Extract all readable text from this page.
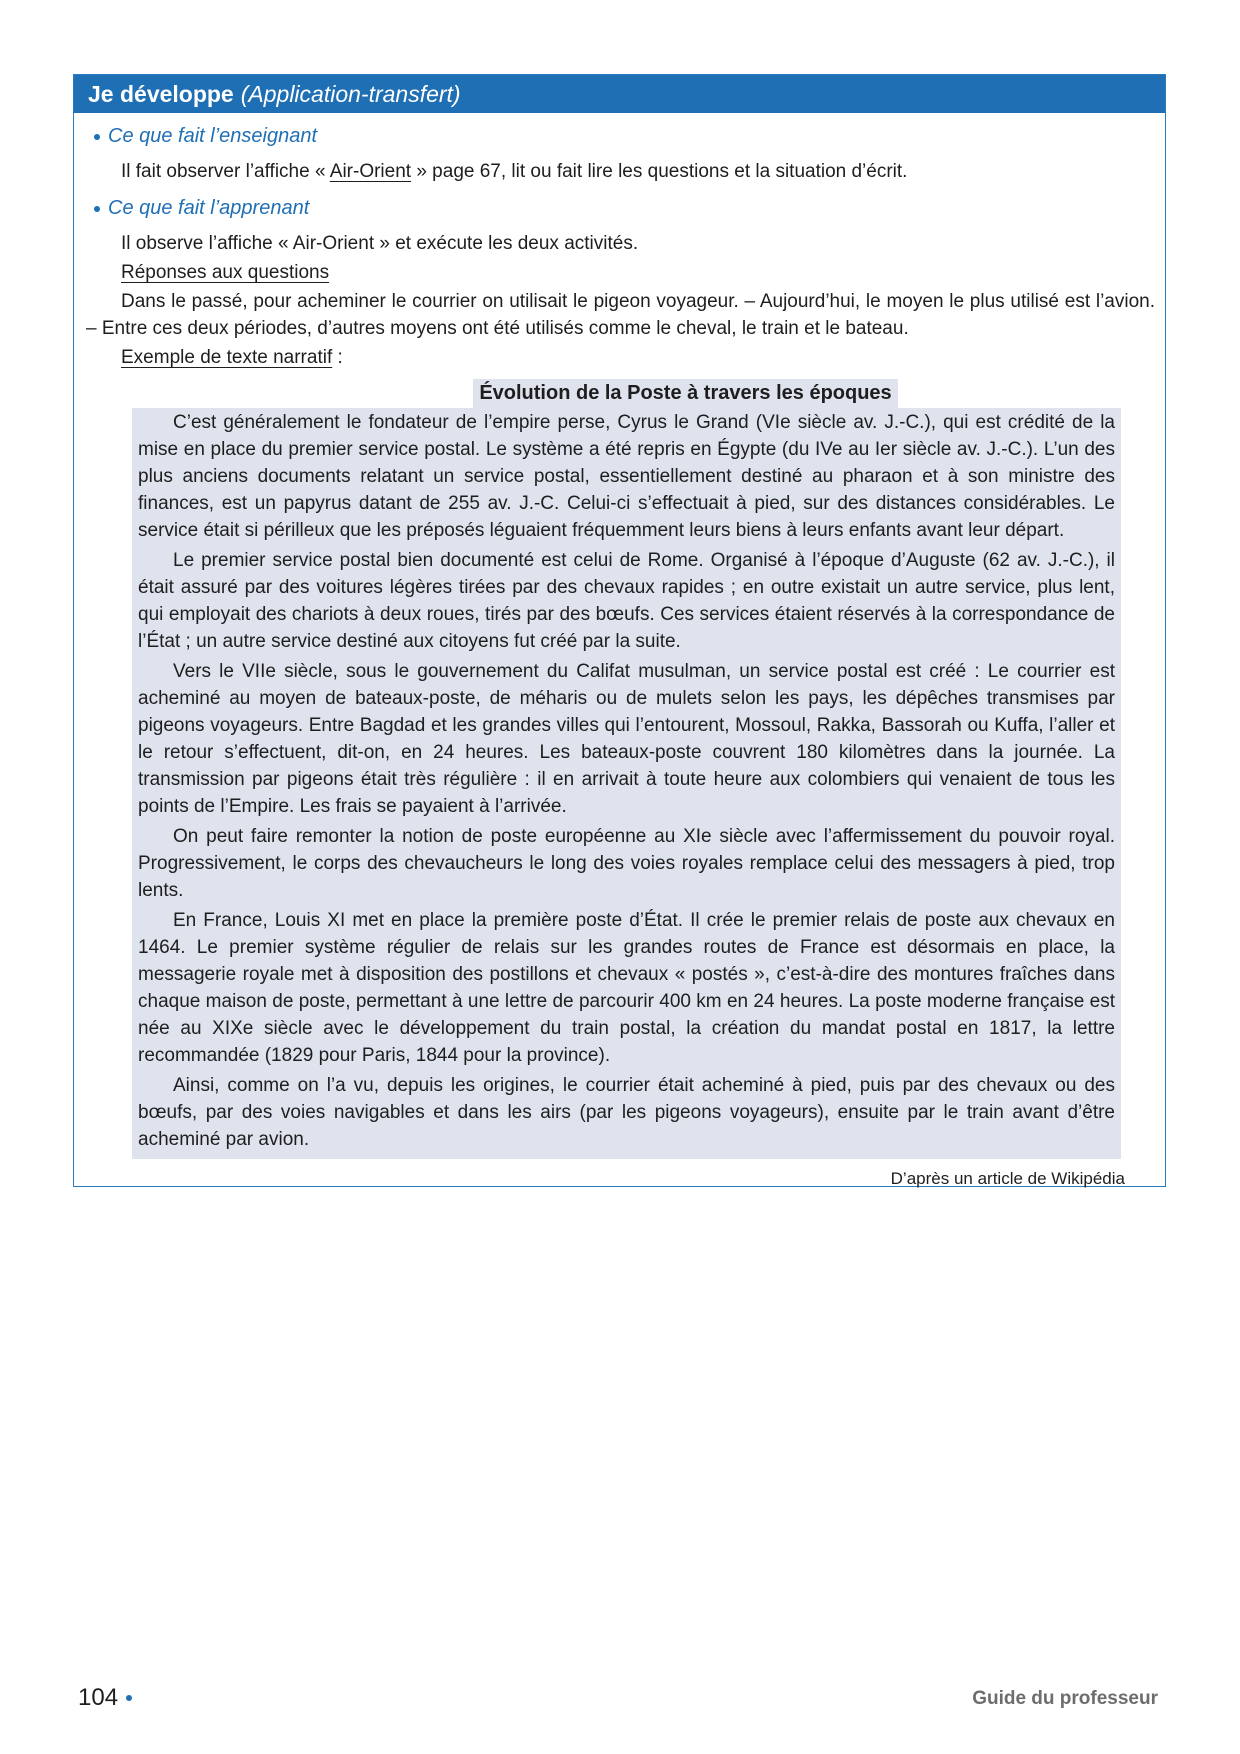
Je développe (Application-transfert)
Ce que fait l’enseignant
Il fait observer l’affiche « Air-Orient » page 67, lit ou fait lire les questions et la situation d’écrit.
Ce que fait l’apprenant
Il observe l’affiche « Air-Orient » et exécute les deux activités.
Réponses aux questions
Dans le passé, pour acheminer le courrier on utilisait le pigeon voyageur. – Aujourd’hui, le moyen le plus utilisé est l’avion. – Entre ces deux périodes, d’autres moyens ont été utilisés comme le cheval, le train et le bateau.
Exemple de texte narratif :
Évolution de la Poste à travers les époques

C’est généralement le fondateur de l’empire perse, Cyrus le Grand (VIe siècle av. J.-C.), qui est crédité de la mise en place du premier service postal. Le système a été repris en Égypte (du IVe au Ier siècle av. J.-C.). L’un des plus anciens documents relatant un service postal, essentiellement destiné au pharaon et à son ministre des finances, est un papyrus datant de 255 av. J.-C. Celui-ci s’effectuait à pied, sur des distances considérables. Le service était si périlleux que les préposés léguaient fréquemment leurs biens à leurs enfants avant leur départ.

Le premier service postal bien documenté est celui de Rome. Organisé à l’époque d’Auguste (62 av. J.-C.), il était assuré par des voitures légères tirées par des chevaux rapides ; en outre existait un autre service, plus lent, qui employait des chariots à deux roues, tirés par des bœufs. Ces services étaient réservés à la correspondance de l’État ; un autre service destiné aux citoyens fut créé par la suite.

Vers le VIIe siècle, sous le gouvernement du Califat musulman, un service postal est créé : Le courrier est acheminé au moyen de bateaux-poste, de méharis ou de mulets selon les pays, les dépêches transmises par pigeons voyageurs. Entre Bagdad et les grandes villes qui l’entourent, Mossoul, Rakka, Bassorah ou Kuffa, l’aller et le retour s’effectuent, dit-on, en 24 heures. Les bateaux-poste couvrent 180 kilomètres dans la journée. La transmission par pigeons était très régulière : il en arrivait à toute heure aux colombiers qui venaient de tous les points de l’Empire. Les frais se payaient à l’arrivée.

On peut faire remonter la notion de poste européenne au XIe siècle avec l’affermissement du pouvoir royal. Progressivement, le corps des chevaucheurs le long des voies royales remplace celui des messagers à pied, trop lents.

En France, Louis XI met en place la première poste d’État. Il crée le premier relais de poste aux chevaux en 1464. Le premier système régulier de relais sur les grandes routes de France est désormais en place, la messagerie royale met à disposition des postillons et chevaux « postés », c’est-à-dire des montures fraîches dans chaque maison de poste, permettant à une lettre de parcourir 400 km en 24 heures. La poste moderne française est née au XIXe siècle avec le développement du train postal, la création du mandat postal en 1817, la lettre recommandée (1829 pour Paris, 1844 pour la province).

Ainsi, comme on l’a vu, depuis les origines, le courrier était acheminé à pied, puis par des chevaux ou des bœufs, par des voies navigables et dans les airs (par les pigeons voyageurs), ensuite par le train avant d’être acheminé par avion.

D’après un article de Wikipédia
104	Guide du professeur
